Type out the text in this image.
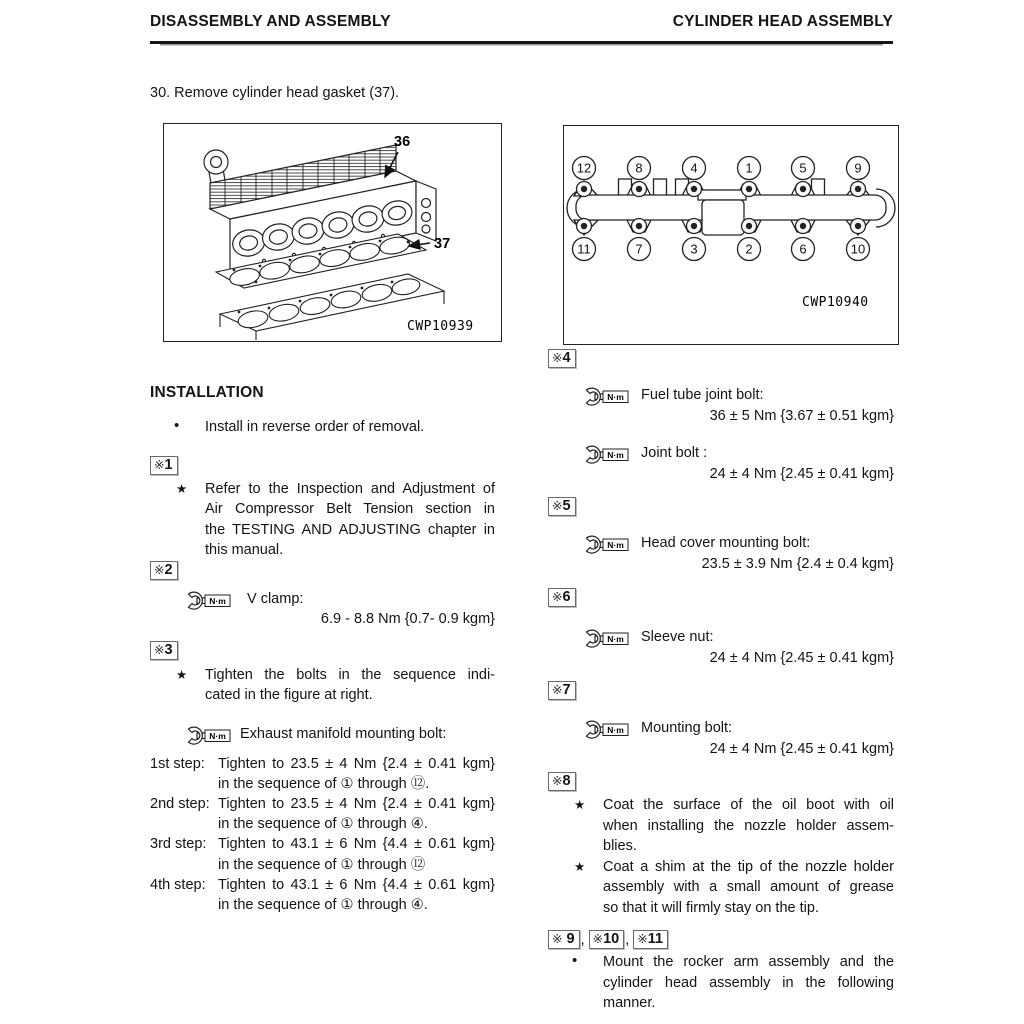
DISASSEMBLY AND ASSEMBLY	CYLINDER HEAD ASSEMBLY
30. Remove cylinder head gasket (37).
36
37
CWP10939
12	8	4	1	5	9
11	7	3	2	6	10
CWP10940
INSTALLATION
• Install in reverse order of removal.
※1
★ Refer to the Inspection and Adjustment of
Air Compressor Belt Tension section in
the TESTING AND ADJUSTING chapter in
this manual.
※2
N·m	V clamp:
6.9 - 8.8 Nm {0.7- 0.9 kgm}
※3
★ Tighten the bolts in the sequence indi-
cated in the figure at right.
N·m Exhaust manifold mounting bolt:
1st step: Tighten to 23.5 ± 4 Nm {2.4 ± 0.41 kgm}
in the sequence of ① through ⑫.
2nd step: Tighten to 23.5 ± 4 Nm {2.4 ± 0.41 kgm}
in the sequence of ① through ④.
3rd step: Tighten to 43.1 ± 6 Nm {4.4 ± 0.61 kgm}
in the sequence of ① through ⑫
4th step: Tighten to 43.1 ± 6 Nm {4.4 ± 0.61 kgm}
in the sequence of ① through ④.
※4
N·m	Fuel tube joint bolt:
36 ± 5 Nm {3.67 ± 0.51 kgm}
N·m	Joint bolt :
24 ± 4 Nm {2.45 ± 0.41 kgm}
※5
N·m	Head cover mounting bolt:
23.5 ± 3.9 Nm {2.4 ± 0.4 kgm}
※6
N·m	Sleeve nut:
24 ± 4 Nm {2.45 ± 0.41 kgm}
※7
N·m	Mounting bolt:
24 ± 4 Nm {2.45 ± 0.41 kgm}
※8
★ Coat the surface of the oil boot with oil
when installing the nozzle holder assem-
blies.
★ Coat a shim at the tip of the nozzle holder
assembly with a small amount of grease
so that it will firmly stay on the tip.
※ 9 , ※10 , ※11
• Mount the rocker arm assembly and the
cylinder head assembly in the following
manner.
